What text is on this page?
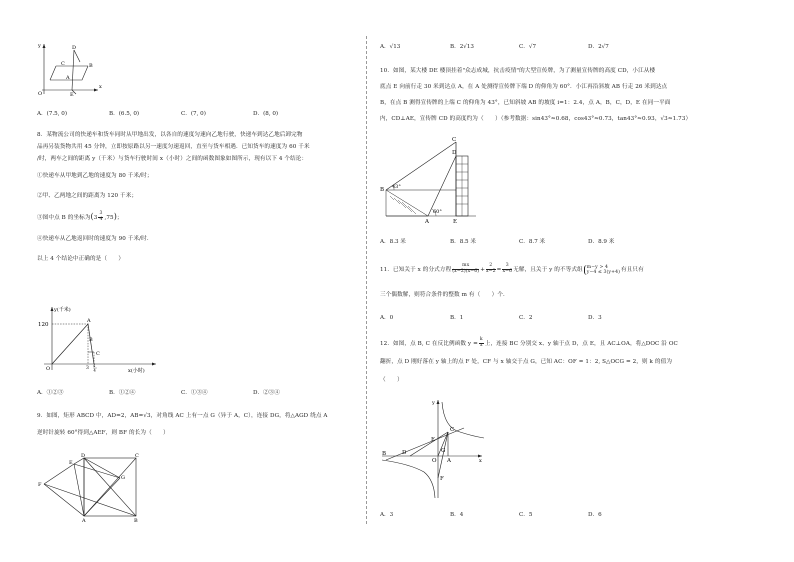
y	D
C	B
A
E
O
x
A．(7.5, 0)	B．(6.5, 0)	C．(7, 0)	D．(8, 0)
8．某物流公司的快递车和货车同时从甲地出发，以各自的速度匀速向乙地行驶，快递车到达乙地后卸完物
品再另装货物共用 45 分钟，立即按原路以另一速度匀速返回，直至与货车相遇．已知货车的速度为 60 千米
/时，两车之间的距离 y（千米）与货车行驶时间 x（小时）之间的函数图象如图所示，现有以下 4 个结论：
①快递车从甲地到乙地的速度为 80 千米/时；
②甲、乙两地之间的距离为 120 千米；
③图中点 B 的坐标为$(3 \frac{3}{4} ,75)$；
④快递车从乙地返回时的速度为 90 千米/时．
以上 4 个结论中正确的是（　　）
y(千米)
120
A
B
C
O	3 4
4	x(小时)
A．①②③	B．①②④	C．①③④	D．②③④
9．如图，矩形 ABCD 中，AD=2，AB=√3，对角线 AC 上有一点 G（异于 A，C），连接 DG，将△AGD 绕点 A
逆时针旋转 60°得到△AEF，则 BF 的长为（　　）
D	C
E
G
F
A	B
A．√13	B．2√13	C．√7	D．2√7
10．如图，某大楼 DE 楼顶挂着"众志成城，抗击疫情"的大型宣传牌，为了测量宣传牌的高度 CD，小江从楼
底点 E 向前行走 30 米到达点 A，在 A 处测得宣传牌下端 D 的仰角为 60°．小江再沿斜坡 AB 行走 26 米到达点
B，在点 B 测得宣传牌的上端 C 的仰角为 43°，已知斜坡 AB 的坡度 i=1：2.4，点 A，B，C，D，E 在同一平面
内，CD⊥AE，宣传牌 CD 的高度约为（　　）（参考数据：sin43°≈0.68，cos43°≈0.73，tan43°≈0.93，√3≈1.73）
C
D
B 43°
60°
A	E
A．8.3 米	B．8.5 米	C．8.7 米	D．8.9 米
11．已知关于 x 的分式方程 $\frac{mx}{(x-2)(x-6)} + \frac{2}{x-2} = \frac{3}{x-6}$ 无解，且关于 y 的不等式组 m−y > 4
y−4 ≤ 3(y+4) 有且只有
三个偶数解，则符合条件的整数 m 有（　　）个．
A．0	B．1	C．2	D．3
12．如图，点 B, C 在反比例函数 $y = \frac{k}{x}$ 上，连接 BC 分别交 x、y 轴于点 D，点 E，且 AC⊥OA，将△DOC 沿 OC
翻折，点 D 刚好落在 y 轴上的点 F 处，CF 与 x 轴交于点 G，已知 AC：OF = 1：2, S△OCG = 2，则 k 的值为
（　　）
y
C
E
D
B
O
G
A
F
x
A．3	B．4	C．5	D．6
